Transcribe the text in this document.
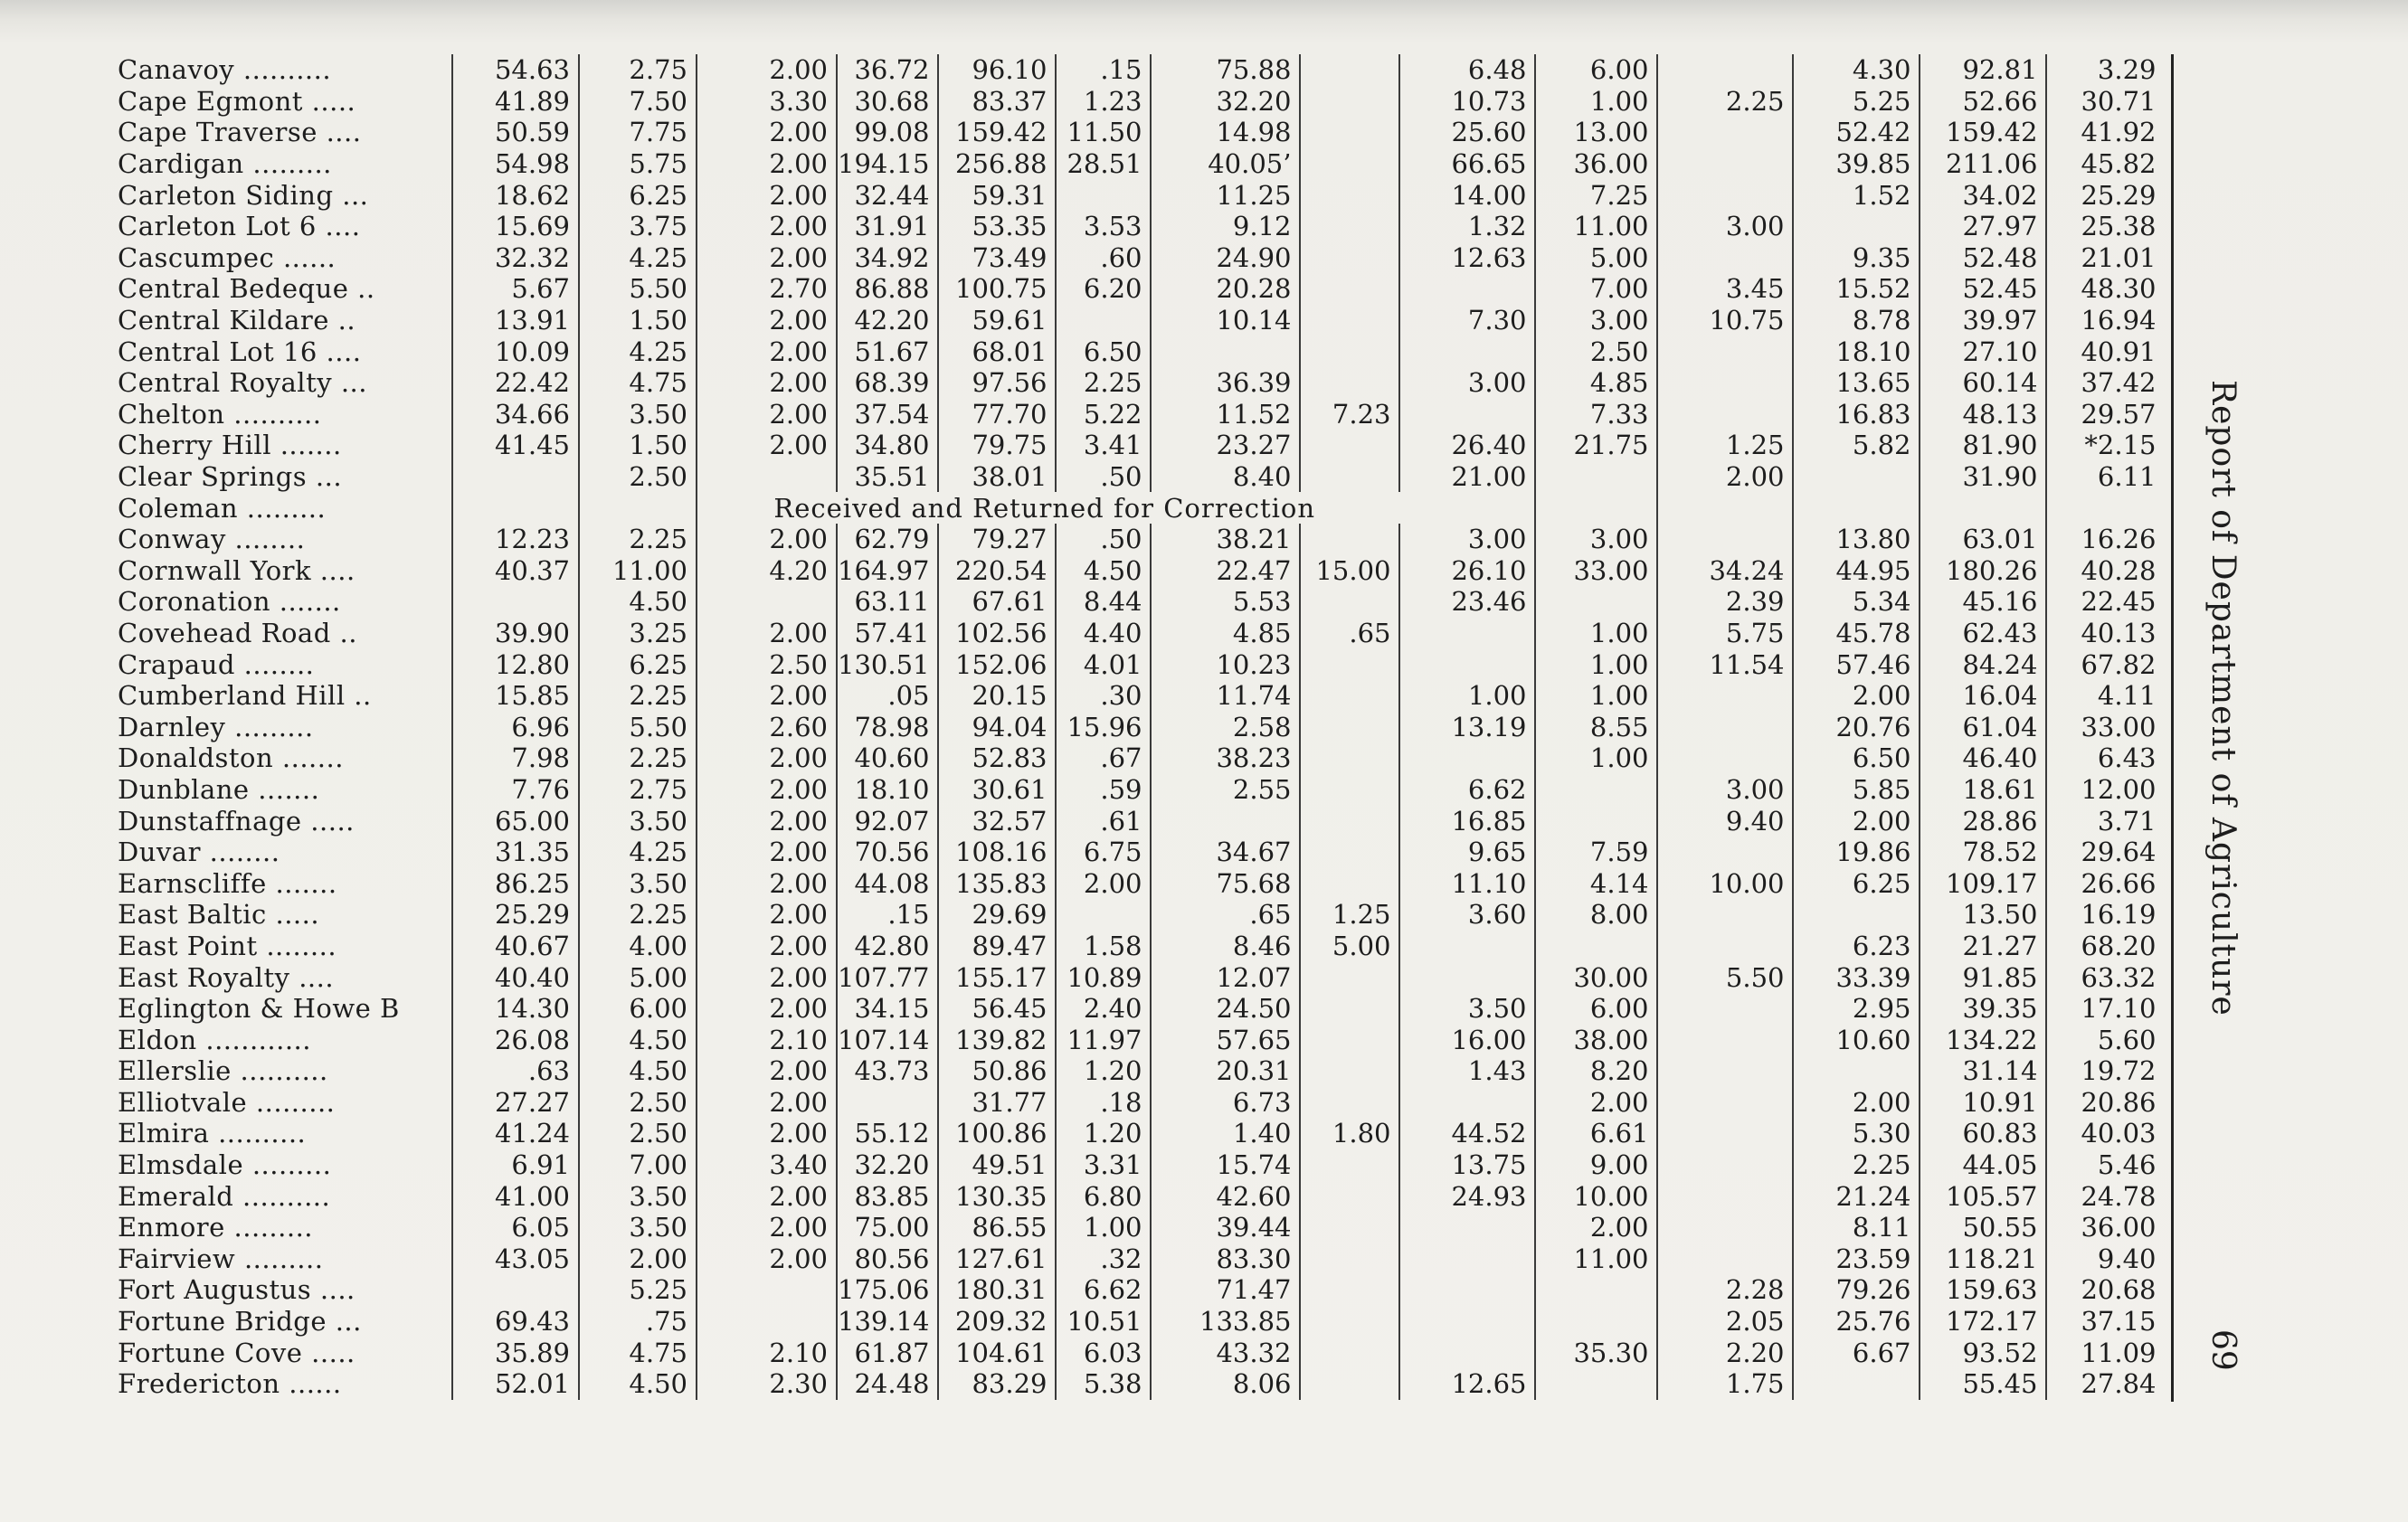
Canavoy ..........	54.63	2.75	2.00	36.72	96.10	.15	75.88		6.48	6.00		4.30	92.81	3.29
Cape Egmont .....	41.89	7.50	3.30	30.68	83.37	1.23	32.20		10.73	1.00	2.25	5.25	52.66	30.71
Cape Traverse ....	50.59	7.75	2.00	99.08	159.42	11.50	14.98		25.60	13.00		52.42	159.42	41.92
Cardigan .........	54.98	5.75	2.00	194.15	256.88	28.51	40.05’		66.65	36.00		39.85	211.06	45.82
Carleton Siding ...	18.62	6.25	2.00	32.44	59.31		11.25		14.00	7.25		1.52	34.02	25.29
Carleton Lot 6 ....	15.69	3.75	2.00	31.91	53.35	3.53	9.12		1.32	11.00	3.00		27.97	25.38
Cascumpec ......	32.32	4.25	2.00	34.92	73.49	.60	24.90		12.63	5.00		9.35	52.48	21.01
Central Bedeque ..	5.67	5.50	2.70	86.88	100.75	6.20	20.28			7.00	3.45	15.52	52.45	48.30
Central Kildare ..	13.91	1.50	2.00	42.20	59.61		10.14		7.30	3.00	10.75	8.78	39.97	16.94
Central Lot 16 ....	10.09	4.25	2.00	51.67	68.01	6.50				2.50		18.10	27.10	40.91
Central Royalty ...	22.42	4.75	2.00	68.39	97.56	2.25	36.39		3.00	4.85		13.65	60.14	37.42
Chelton ..........	34.66	3.50	2.00	37.54	77.70	5.22	11.52	7.23		7.33		16.83	48.13	29.57
Cherry Hill .......	41.45	1.50	2.00	34.80	79.75	3.41	23.27		26.40	21.75	1.25	5.82	81.90	*2.15
Clear Springs ...		2.50		35.51	38.01	.50	8.40		21.00		2.00		31.90	6.11
Coleman .........			Received and Returned for Correction											
Conway ........	12.23	2.25	2.00	62.79	79.27	.50	38.21		3.00	3.00		13.80	63.01	16.26
Cornwall York ....	40.37	11.00	4.20	164.97	220.54	4.50	22.47	15.00	26.10	33.00	34.24	44.95	180.26	40.28
Coronation .......		4.50		63.11	67.61	8.44	5.53		23.46		2.39	5.34	45.16	22.45
Covehead Road ..	39.90	3.25	2.00	57.41	102.56	4.40	4.85	.65		1.00	5.75	45.78	62.43	40.13
Crapaud ........	12.80	6.25	2.50	130.51	152.06	4.01	10.23			1.00	11.54	57.46	84.24	67.82
Cumberland Hill ..	15.85	2.25	2.00	.05	20.15	.30	11.74		1.00	1.00		2.00	16.04	4.11
Darnley .........	6.96	5.50	2.60	78.98	94.04	15.96	2.58		13.19	8.55		20.76	61.04	33.00
Donaldston .......	7.98	2.25	2.00	40.60	52.83	.67	38.23			1.00		6.50	46.40	6.43
Dunblane .......	7.76	2.75	2.00	18.10	30.61	.59	2.55		6.62		3.00	5.85	18.61	12.00
Dunstaffnage .....	65.00	3.50	2.00	92.07	32.57	.61			16.85		9.40	2.00	28.86	3.71
Duvar ........	31.35	4.25	2.00	70.56	108.16	6.75	34.67		9.65	7.59		19.86	78.52	29.64
Earnscliffe .......	86.25	3.50	2.00	44.08	135.83	2.00	75.68		11.10	4.14	10.00	6.25	109.17	26.66
East Baltic .....	25.29	2.25	2.00	.15	29.69		.65	1.25	3.60	8.00			13.50	16.19
East Point ........	40.67	4.00	2.00	42.80	89.47	1.58	8.46	5.00				6.23	21.27	68.20
East Royalty ....	40.40	5.00	2.00	107.77	155.17	10.89	12.07			30.00	5.50	33.39	91.85	63.32
Eglington & Howe B	14.30	6.00	2.00	34.15	56.45	2.40	24.50		3.50	6.00		2.95	39.35	17.10
Eldon ............	26.08	4.50	2.10	107.14	139.82	11.97	57.65		16.00	38.00		10.60	134.22	5.60
Ellerslie ..........	.63	4.50	2.00	43.73	50.86	1.20	20.31		1.43	8.20			31.14	19.72
Elliotvale .........	27.27	2.50	2.00		31.77	.18	6.73			2.00		2.00	10.91	20.86
Elmira ..........	41.24	2.50	2.00	55.12	100.86	1.20	1.40	1.80	44.52	6.61		5.30	60.83	40.03
Elmsdale .........	6.91	7.00	3.40	32.20	49.51	3.31	15.74		13.75	9.00		2.25	44.05	5.46
Emerald ..........	41.00	3.50	2.00	83.85	130.35	6.80	42.60		24.93	10.00		21.24	105.57	24.78
Enmore .........	6.05	3.50	2.00	75.00	86.55	1.00	39.44			2.00		8.11	50.55	36.00
Fairview .........	43.05	2.00	2.00	80.56	127.61	.32	83.30			11.00		23.59	118.21	9.40
Fort Augustus ....		5.25		175.06	180.31	6.62	71.47				2.28	79.26	159.63	20.68
Fortune Bridge ...	69.43	.75		139.14	209.32	10.51	133.85				2.05	25.76	172.17	37.15
Fortune Cove .....	35.89	4.75	2.10	61.87	104.61	6.03	43.32			35.30	2.20	6.67	93.52	11.09
Fredericton ......	52.01	4.50	2.30	24.48	83.29	5.38	8.06		12.65		1.75		55.45	27.84
Report of Department of Agriculture
69
